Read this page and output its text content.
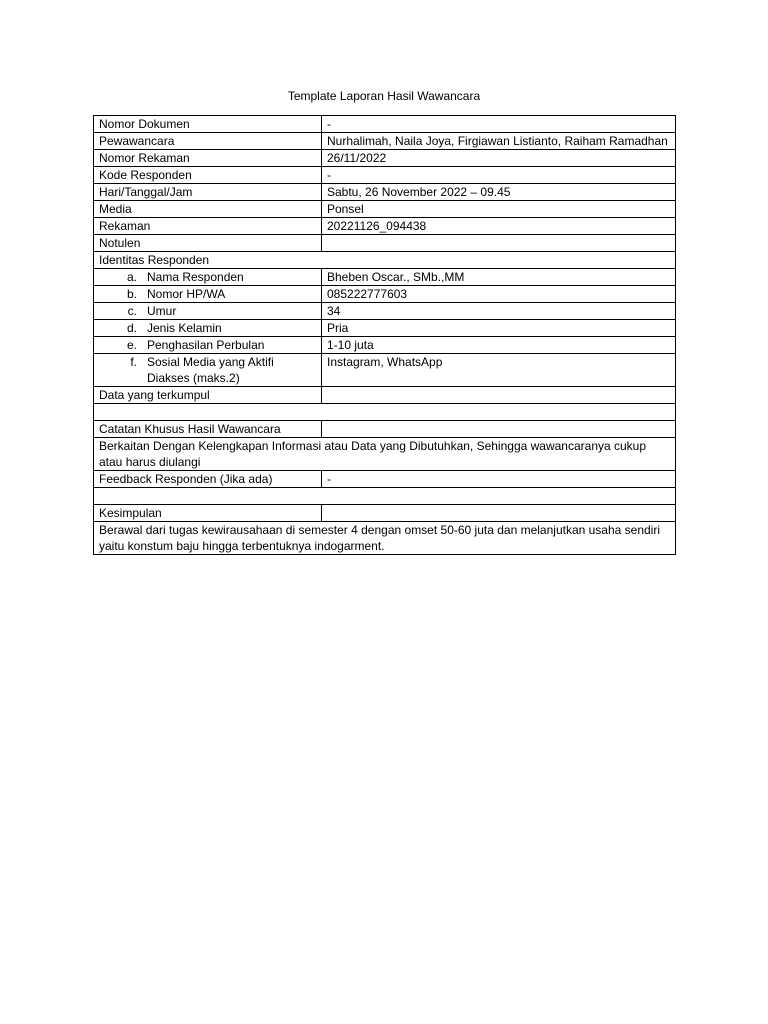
Template Laporan Hasil Wawancara
Nomor Dokumen	-
Pewawancara	Nurhalimah, Naila Joya, Firgiawan Listianto, Raiham Ramadhan
Nomor Rekaman	26/11/2022
Kode Responden	-
Hari/Tanggal/Jam	Sabtu, 26 November 2022 – 09.45
Media	Ponsel
Rekaman	20221126_094438
Notulen	
Identitas Responden	

a. Nama Responden	Bheben Oscar., SMb.,MM

b. Nomor HP/WA	085222777603

c. Umur	34

d. Jenis Kelamin	Pria

e. Penghasilan Perbulan	1-10 juta

f. Sosial Media yang Aktifi Diakses (maks.2)	Instagram, WhatsApp
Data yang terkumpul	

Catatan Khusus Hasil Wawancara	
Berkaitan Dengan Kelengkapan Informasi atau Data yang Dibutuhkan, Sehingga wawancaranya cukup atau harus diulangi	
Feedback Responden (Jika ada)	-

Kesimpulan	
Berawal dari tugas kewirausahaan di semester 4 dengan omset 50-60 juta dan melanjutkan usaha sendiri yaitu konstum baju hingga terbentuknya indogarment.	
